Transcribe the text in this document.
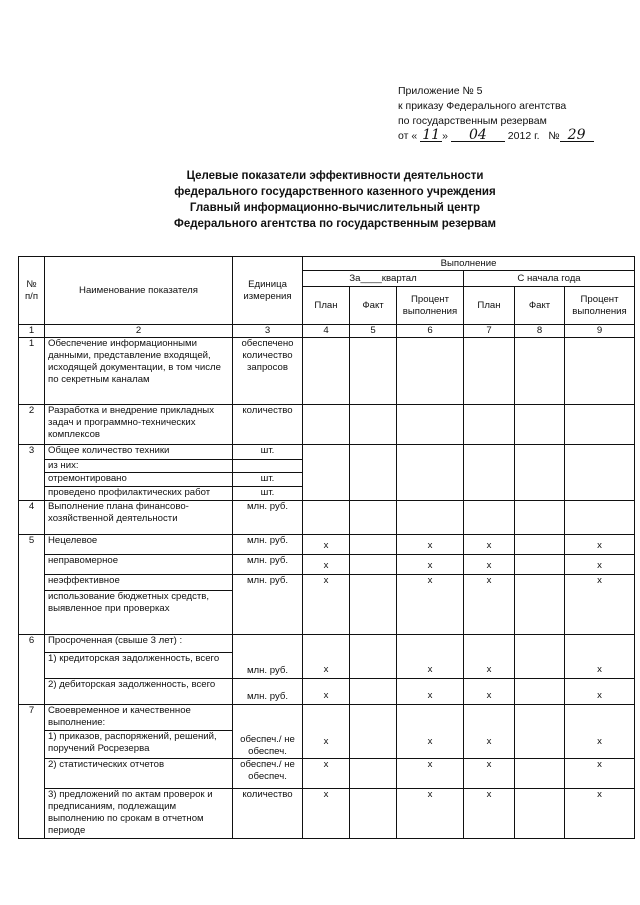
Приложение № 5
к приказу Федерального агентства
по государственным резервам
от « 11 » 04 2012 г. № 29
Целевые показатели эффективности деятельности
федерального государственного казенного учреждения
Главный информационно-вычислительный центр
Федерального агентства по государственным резервам
№ п/п	Наименование показателя	Единица измерения	Выполнение					
			За____квартал			С начала года		
			План	Факт	Процент выполнения	План	Факт	Процент выполнения
1	2	3	4	5	6	7	8	9
1	Обеспечение информационными данными, представление входящей, исходящей документации, в том числе по секретным каналам	обеспечено количество запросов						
2	Разработка и внедрение прикладных задач и программно-технических комплексов	количество						
3	Общее количество техники	шт.						
	из них:							
	отремонтировано	шт.						
	проведено профилактических работ	шт.						
4	Выполнение плана финансово-хозяйственной деятельности	млн. руб.						
5	Нецелевое	млн. руб.	x		x	x		x
	неправомерное	млн. руб.	x		x	x		x
	неэффективное	млн. руб.	x		x	x		x
	использование бюджетных средств, выявленное при проверках							
6	Просроченная (свыше 3 лет) :	млн. руб.	x		x	x		x
	1) кредиторская задолженность, всего							
	2) дебиторская задолженность, всего	млн. руб.	x		x	x		x
7	Своевременное и качественное выполнение:	обеспеч./ не обеспеч.	x		x	x		x
	1) приказов, распоряжений, решений, поручений Росрезерва							
	2) статистических отчетов	обеспеч./ не обеспеч.	x		x	x		x
	3) предложений по актам проверок и предписаниям, подлежащим выполнению по срокам в отчетном периоде	количество	x		x	x		x
